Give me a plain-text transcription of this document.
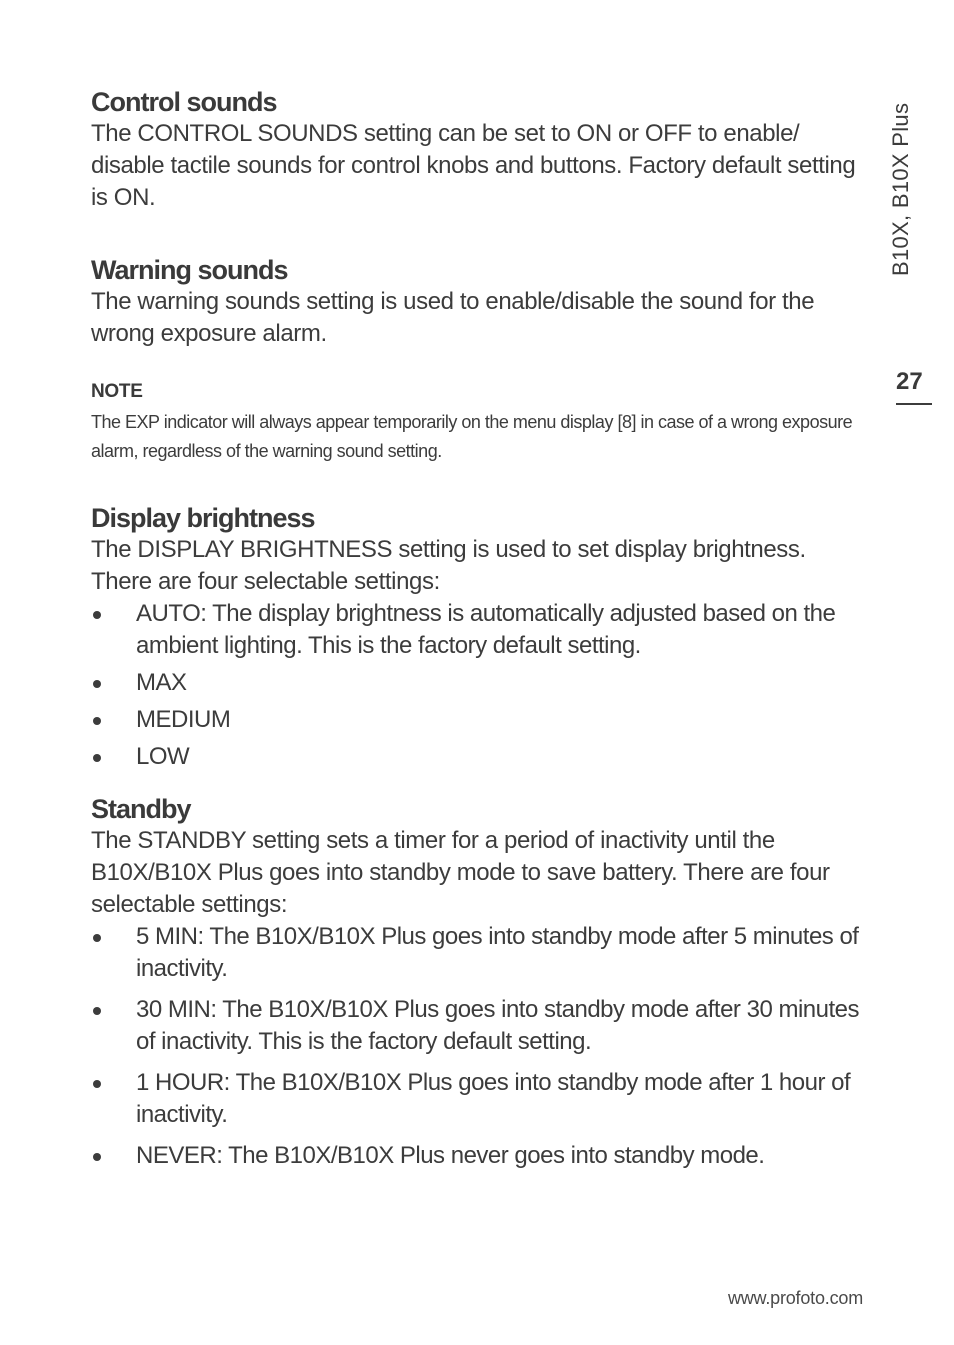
Control sounds

The CONTROL SOUNDS setting can be set to ON or OFF to enable/ disable tactile sounds for control knobs and buttons. Factory default setting is ON.

Warning sounds

The warning sounds setting is used to enable/disable the sound for the wrong exposure alarm.

NOTE
The EXP indicator will always appear temporarily on the menu display [8] in case of a wrong exposure alarm, regardless of the warning sound setting.
Display brightness

The DISPLAY BRIGHTNESS setting is used to set display brightness. There are four selectable settings:

AUTO: The display brightness is automatically adjusted based on the ambient lighting. This is the factory default setting.
MAX
MEDIUM
LOW
Standby

The STANDBY setting sets a timer for a period of inactivity until the B10X/B10X Plus goes into standby mode to save battery. There are four selectable settings:

5 MIN: The B10X/B10X Plus goes into standby mode after 5 minutes of inactivity.
30 MIN: The B10X/B10X Plus goes into standby mode after 30 minutes of inactivity. This is the factory default setting.
1 HOUR: The B10X/B10X Plus goes into standby mode after 1 hour of inactivity.
NEVER: The B10X/B10X Plus never goes into standby mode.
B10X, B10X Plus
27
www.profoto.com
